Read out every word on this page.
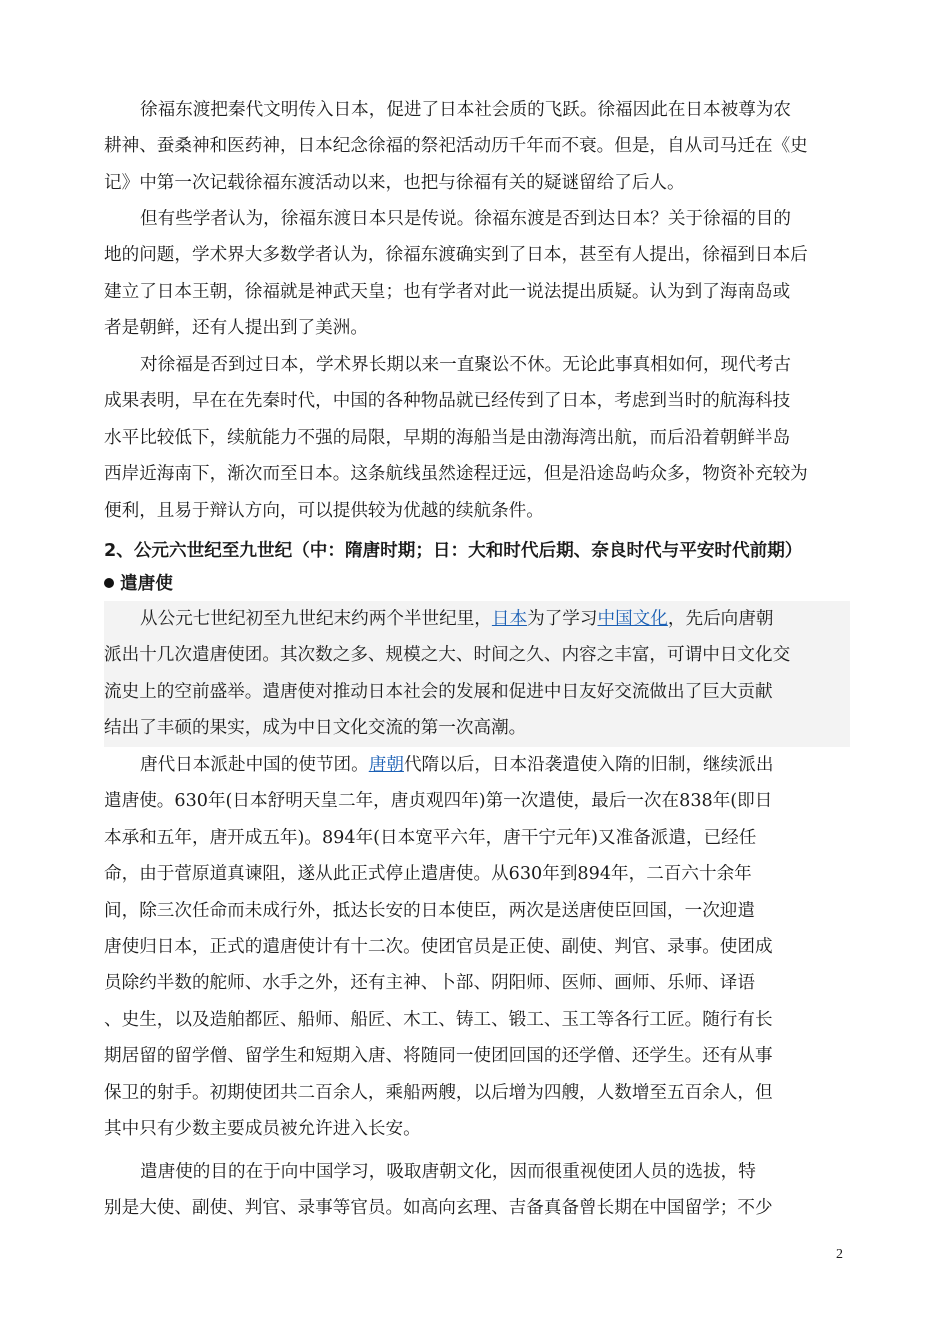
徐福东渡把秦代文明传入日本，促进了日本社会质的飞跃。徐福因此在日本被尊为农
耕神、蚕桑神和医药神，日本纪念徐福的祭祀活动历千年而不衰。但是，自从司马迁在《史
记》中第一次记载徐福东渡活动以来，也把与徐福有关的疑谜留给了后人。
但有些学者认为，徐福东渡日本只是传说。徐福东渡是否到达日本？关于徐福的目的
地的问题，学术界大多数学者认为，徐福东渡确实到了日本，甚至有人提出，徐福到日本后
建立了日本王朝，徐福就是神武天皇；也有学者对此一说法提出质疑。认为到了海南岛或
者是朝鲜，还有人提出到了美洲。
对徐福是否到过日本，学术界长期以来一直聚讼不休。无论此事真相如何，现代考古
成果表明，早在在先秦时代，中国的各种物品就已经传到了日本，考虑到当时的航海科技
水平比较低下，续航能力不强的局限，早期的海船当是由渤海湾出航，而后沿着朝鲜半岛
西岸近海南下，渐次而至日本。这条航线虽然途程迂远，但是沿途岛屿众多，物资补充较为
便利，且易于辩认方向，可以提供较为优越的续航条件。
2、公元六世纪至九世纪（中：隋唐时期；日：大和时代后期、奈良时代与平安时代前期）
遣唐使
从公元七世纪初至九世纪末约两个半世纪里，日本为了学习中国文化，先后向唐朝
派出十几次遣唐使团。其次数之多、规模之大、时间之久、内容之丰富，可谓中日文化交
流史上的空前盛举。遣唐使对推动日本社会的发展和促进中日友好交流做出了巨大贡献
结出了丰硕的果实，成为中日文化交流的第一次高潮。
唐代日本派赴中国的使节团。唐朝代隋以后，日本沿袭遣使入隋的旧制，继续派出
遣唐使。630年(日本舒明天皇二年，唐贞观四年)第一次遣使，最后一次在838年(即日
本承和五年，唐开成五年)。894年(日本宽平六年，唐干宁元年)又准备派遣，已经任
命，由于菅原道真谏阻，遂从此正式停止遣唐使。从630年到894年，二百六十余年
间，除三次任命而未成行外，抵达长安的日本使臣，两次是送唐使臣回国，一次迎遣
唐使归日本，正式的遣唐使计有十二次。使团官员是正使、副使、判官、录事。使团成
员除约半数的舵师、水手之外，还有主神、卜部、阴阳师、医师、画师、乐师、译语
、史生，以及造舶都匠、船师、船匠、木工、铸工、锻工、玉工等各行工匠。随行有长
期居留的留学僧、留学生和短期入唐、将随同一使团回国的还学僧、还学生。还有从事
保卫的射手。初期使团共二百余人，乘船两艘，以后增为四艘，人数增至五百余人，但
其中只有少数主要成员被允许进入长安。
遣唐使的目的在于向中国学习，吸取唐朝文化，因而很重视使团人员的选拔，特
别是大使、副使、判官、录事等官员。如高向玄理、吉备真备曾长期在中国留学；不少
2
